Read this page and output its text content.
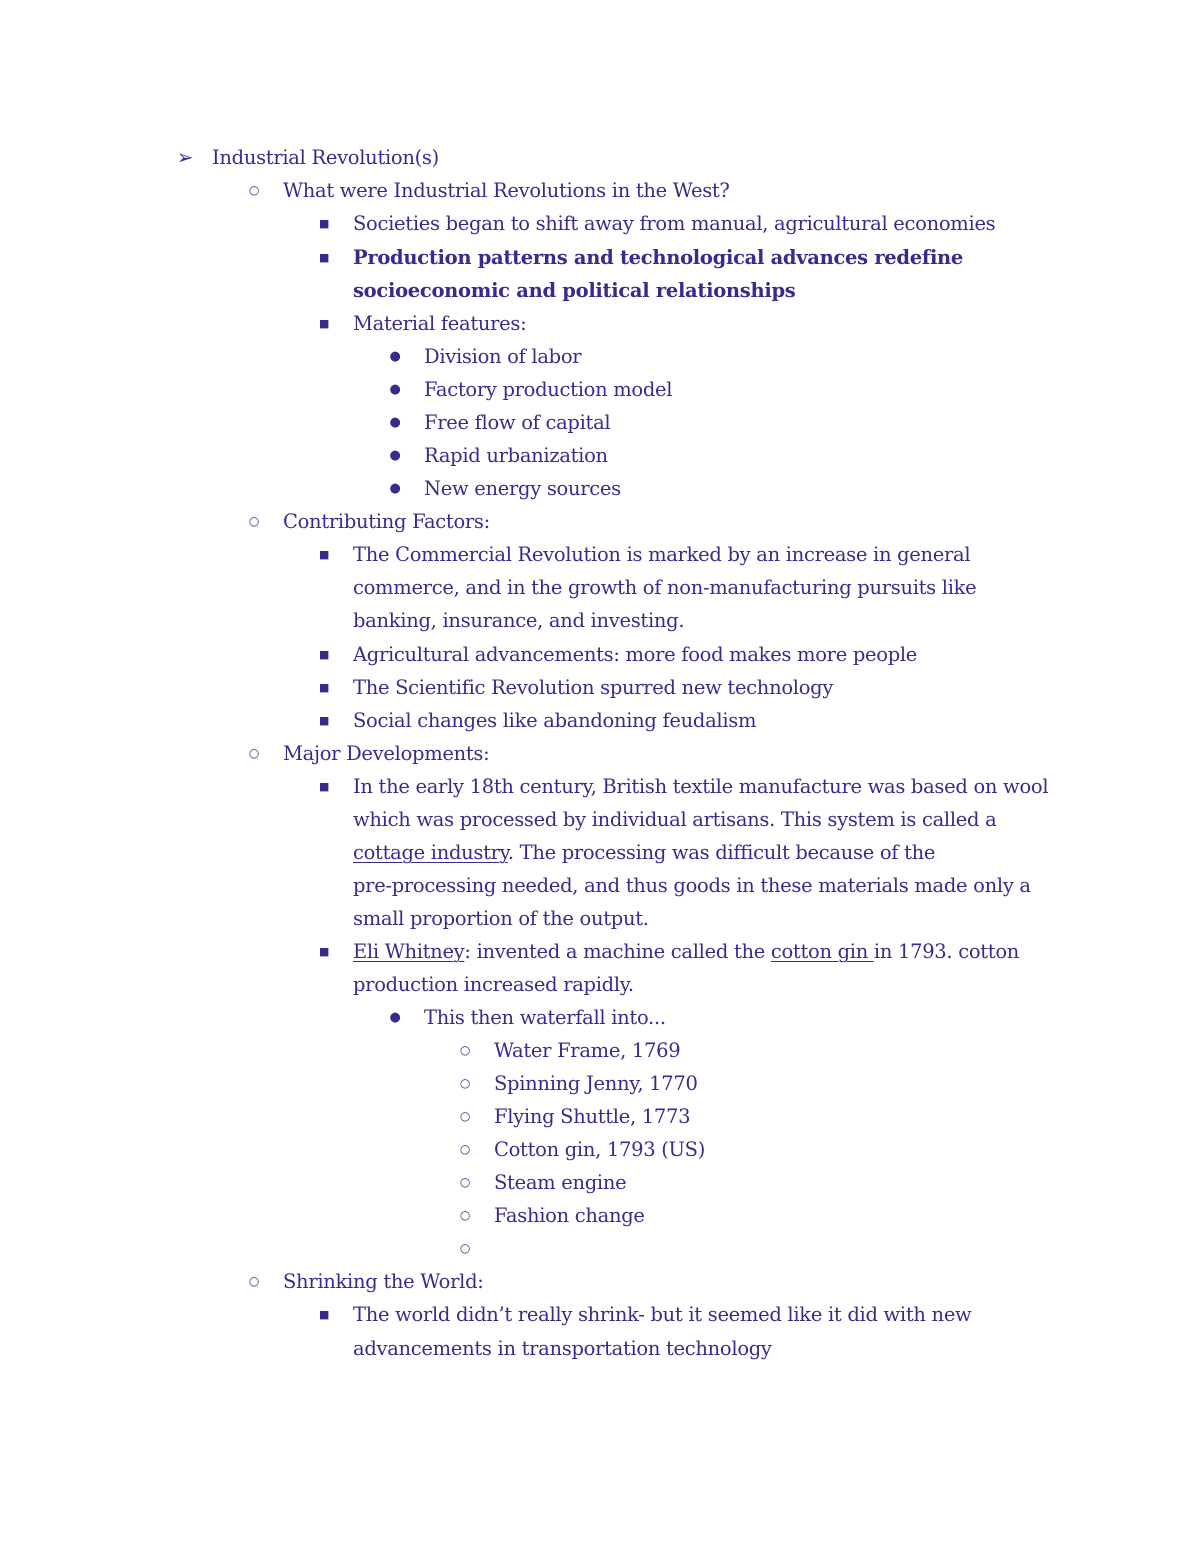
➢ Industrial Revolution(s)
○	What were Industrial Revolutions in the West?
■	Societies began to shift away from manual, agricultural economies
■	Production patterns and technological advances redefine
socioeconomic and political relationships
■	Material features:
●	Division of labor
●	Factory production model
●	Free flow of capital
●	Rapid urbanization
●	New energy sources
○	Contributing Factors:
■	The Commercial Revolution is marked by an increase in general
commerce, and in the growth of non-manufacturing pursuits like
banking, insurance, and investing.
■	Agricultural advancements: more food makes more people
■	The Scientific Revolution spurred new technology
■	Social changes like abandoning feudalism
○	Major Developments:
■	In the early 18th century, British textile manufacture was based on wool
which was processed by individual artisans. This system is called a
cottage industry. The processing was difficult because of the
pre-processing needed, and thus goods in these materials made only a
small proportion of the output.
■	Eli Whitney: invented a machine called the cotton gin in 1793. cotton
production increased rapidly.
●	This then waterfall into...
○	Water Frame, 1769
○	Spinning Jenny, 1770
○	Flying Shuttle, 1773
○	Cotton gin, 1793 (US)
○	Steam engine
○	Fashion change
○
○	Shrinking the World:
■	The world didn’t really shrink- but it seemed like it did with new
advancements in transportation technology
